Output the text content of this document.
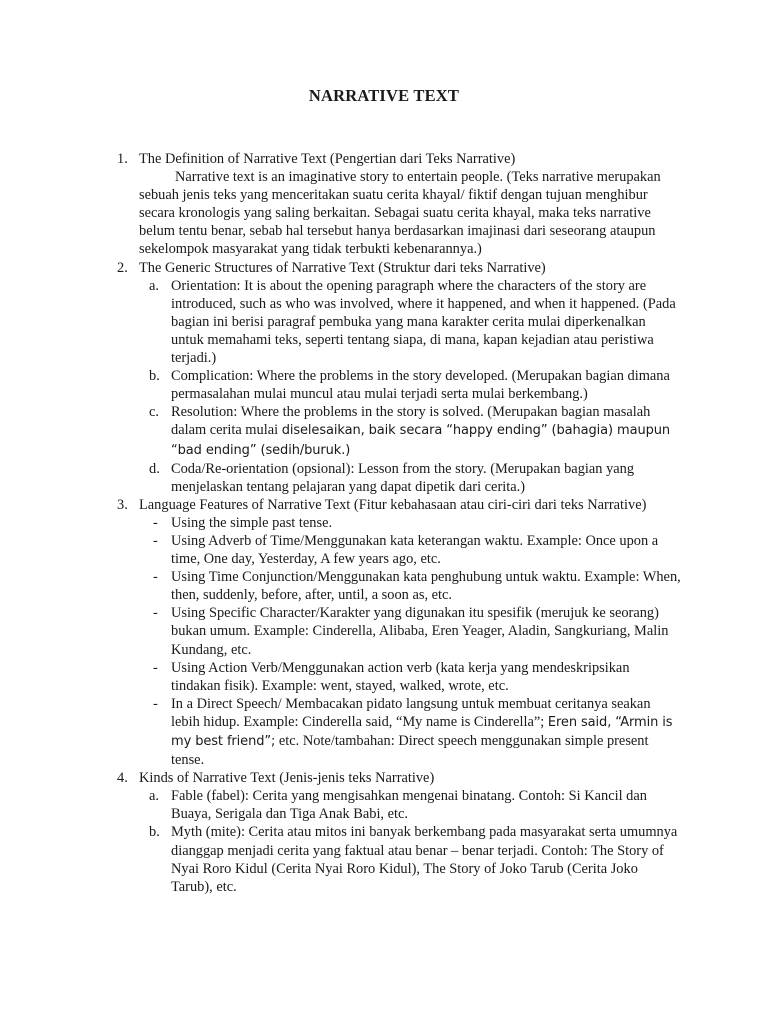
NARRATIVE TEXT
1. The Definition of Narrative Text (Pengertian dari Teks Narrative)
Narrative text is an imaginative story to entertain people. (Teks narrative merupakan sebuah jenis teks yang menceritakan suatu cerita khayal/ fiktif dengan tujuan menghibur secara kronologis yang saling berkaitan. Sebagai suatu cerita khayal, maka teks narrative belum tentu benar, sebab hal tersebut hanya berdasarkan imajinasi dari seseorang ataupun sekelompok masyarakat yang tidak terbukti kebenarannya.)
2. The Generic Structures of Narrative Text (Struktur dari teks Narrative)
a. Orientation: It is about the opening paragraph where the characters of the story are introduced, such as who was involved, where it happened, and when it happened. (Pada bagian ini berisi paragraf pembuka yang mana karakter cerita mulai diperkenalkan untuk memahami teks, seperti tentang siapa, di mana, kapan kejadian atau peristiwa terjadi.)
b. Complication: Where the problems in the story developed. (Merupakan bagian dimana permasalahan mulai muncul atau mulai terjadi serta mulai berkembang.)
c. Resolution: Where the problems in the story is solved. (Merupakan bagian masalah dalam cerita mulai diselesaikan, baik secara “happy ending” (bahagia) maupun “bad ending” (sedih/buruk.)
d. Coda/Re-orientation (opsional): Lesson from the story. (Merupakan bagian yang menjelaskan tentang pelajaran yang dapat dipetik dari cerita.)
3. Language Features of Narrative Text (Fitur kebahasaan atau ciri-ciri dari teks Narrative)
- Using the simple past tense.
- Using Adverb of Time/Menggunakan kata keterangan waktu. Example: Once upon a time, One day, Yesterday, A few years ago, etc.
- Using Time Conjunction/Menggunakan kata penghubung untuk waktu. Example: When, then, suddenly, before, after, until, a soon as, etc.
- Using Specific Character/Karakter yang digunakan itu spesifik (merujuk ke seorang) bukan umum. Example: Cinderella, Alibaba, Eren Yeager, Aladin, Sangkuriang, Malin Kundang, etc.
- Using Action Verb/Menggunakan action verb (kata kerja yang mendeskripsikan tindakan fisik). Example: went, stayed, walked, wrote, etc.
- In a Direct Speech/ Membacakan pidato langsung untuk membuat ceritanya seakan lebih hidup. Example: Cinderella said, “My name is Cinderella”; Eren said, “Armin is my best friend”; etc. Note/tambahan: Direct speech menggunakan simple present tense.
4. Kinds of Narrative Text (Jenis-jenis teks Narrative)
a. Fable (fabel): Cerita yang mengisahkan mengenai binatang. Contoh: Si Kancil dan Buaya, Serigala dan Tiga Anak Babi, etc.
b. Myth (mite): Cerita atau mitos ini banyak berkembang pada masyarakat serta umumnya dianggap menjadi cerita yang faktual atau benar – benar terjadi. Contoh: The Story of Nyai Roro Kidul (Cerita Nyai Roro Kidul), The Story of Joko Tarub (Cerita Joko Tarub), etc.
